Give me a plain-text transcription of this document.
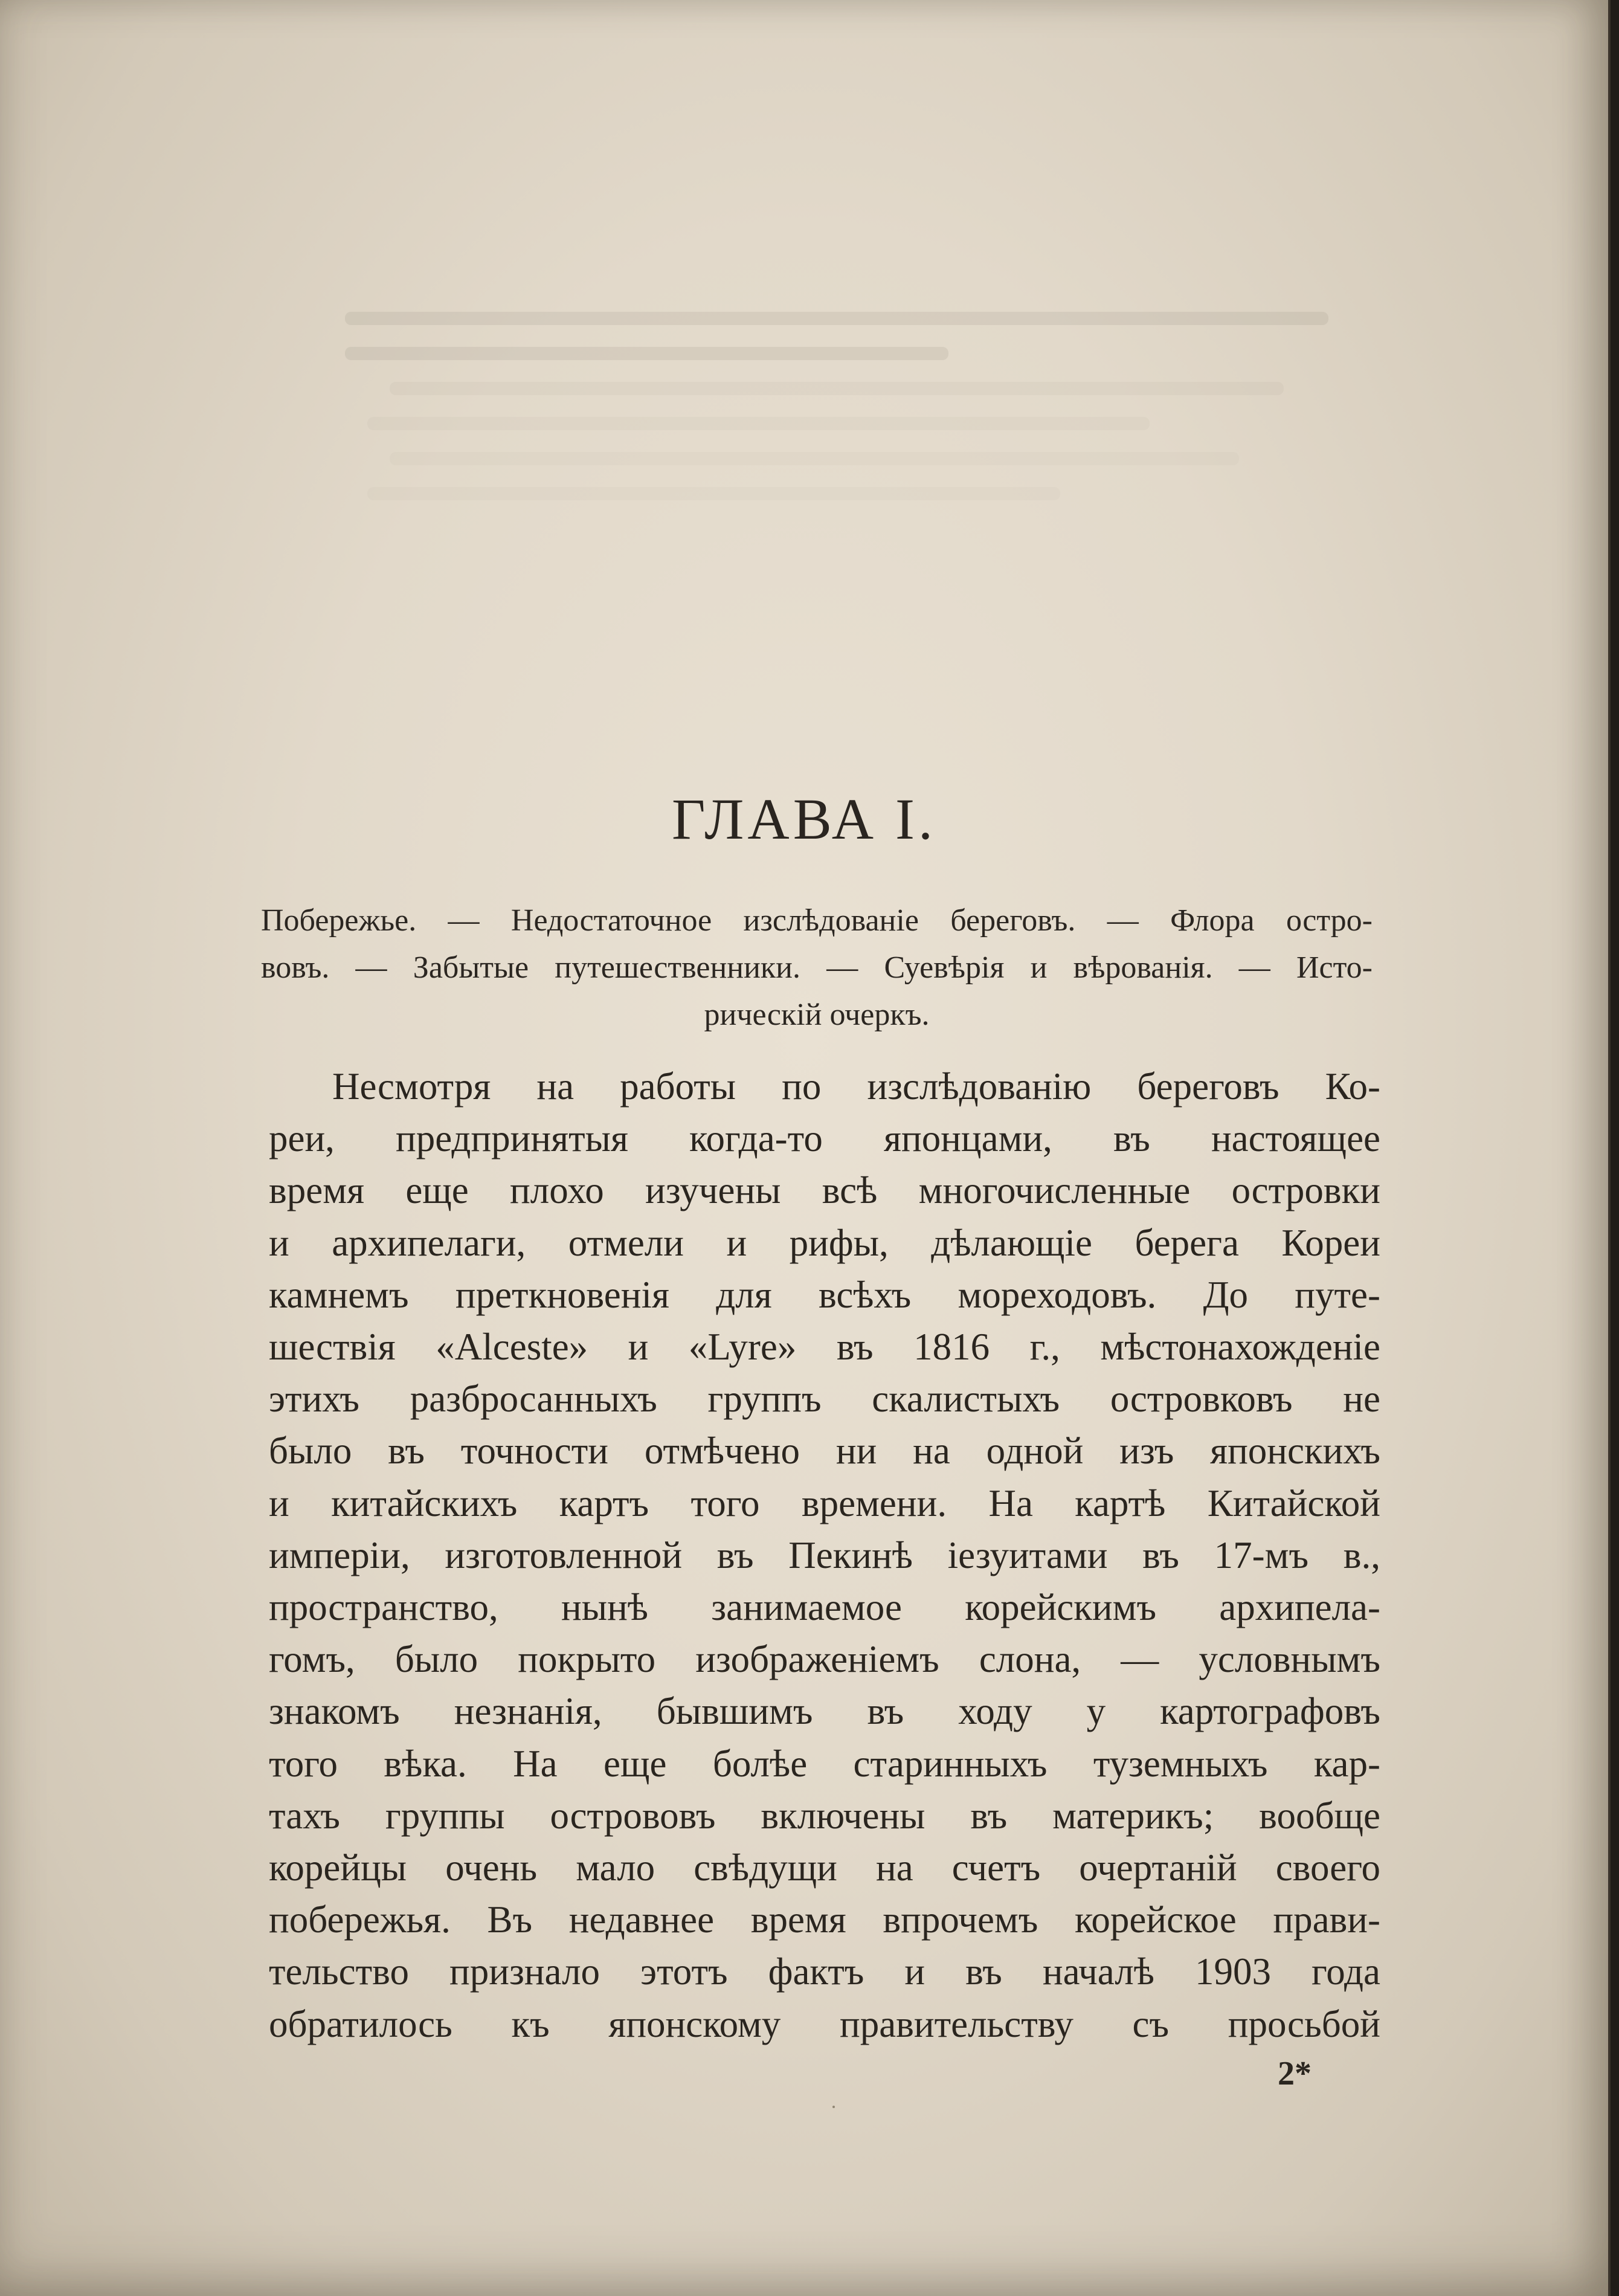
ГЛАВА I.
Побережье. — Недостаточное изслѣдованіе береговъ. — Флора остро-
вовъ. — Забытые путешественники. — Суевѣрія и вѣрованія. — Исто-
рическій очеркъ.
Несмотря на работы по изслѣдованію береговъ Ко-
реи, предпринятыя когда-то японцами, въ настоящее
время еще плохо изучены всѣ многочисленные островки
и архипелаги, отмели и рифы, дѣлающіе берега Кореи
камнемъ преткновенія для всѣхъ мореходовъ. До путе-
шествія «Alceste» и «Lyre» въ 1816 г., мѣстонахожденіе
этихъ разбросанныхъ группъ скалистыхъ островковъ не
было въ точности отмѣчено ни на одной изъ японскихъ
и китайскихъ картъ того времени. На картѣ Китайской
имперіи, изготовленной въ Пекинѣ іезуитами въ 17-мъ в.,
пространство, нынѣ занимаемое корейскимъ архипела-
гомъ, было покрыто изображеніемъ слона, — условнымъ
знакомъ незнанія, бывшимъ въ ходу у картографовъ
того вѣка. На еще болѣе старинныхъ туземныхъ кар-
тахъ группы острововъ включены въ материкъ; вообще
корейцы очень мало свѣдущи на счетъ очертаній своего
побережья. Въ недавнее время впрочемъ корейское прави-
тельство признало этотъ фактъ и въ началѣ 1903 года
обратилось къ японскому правительству съ просьбой
2*
